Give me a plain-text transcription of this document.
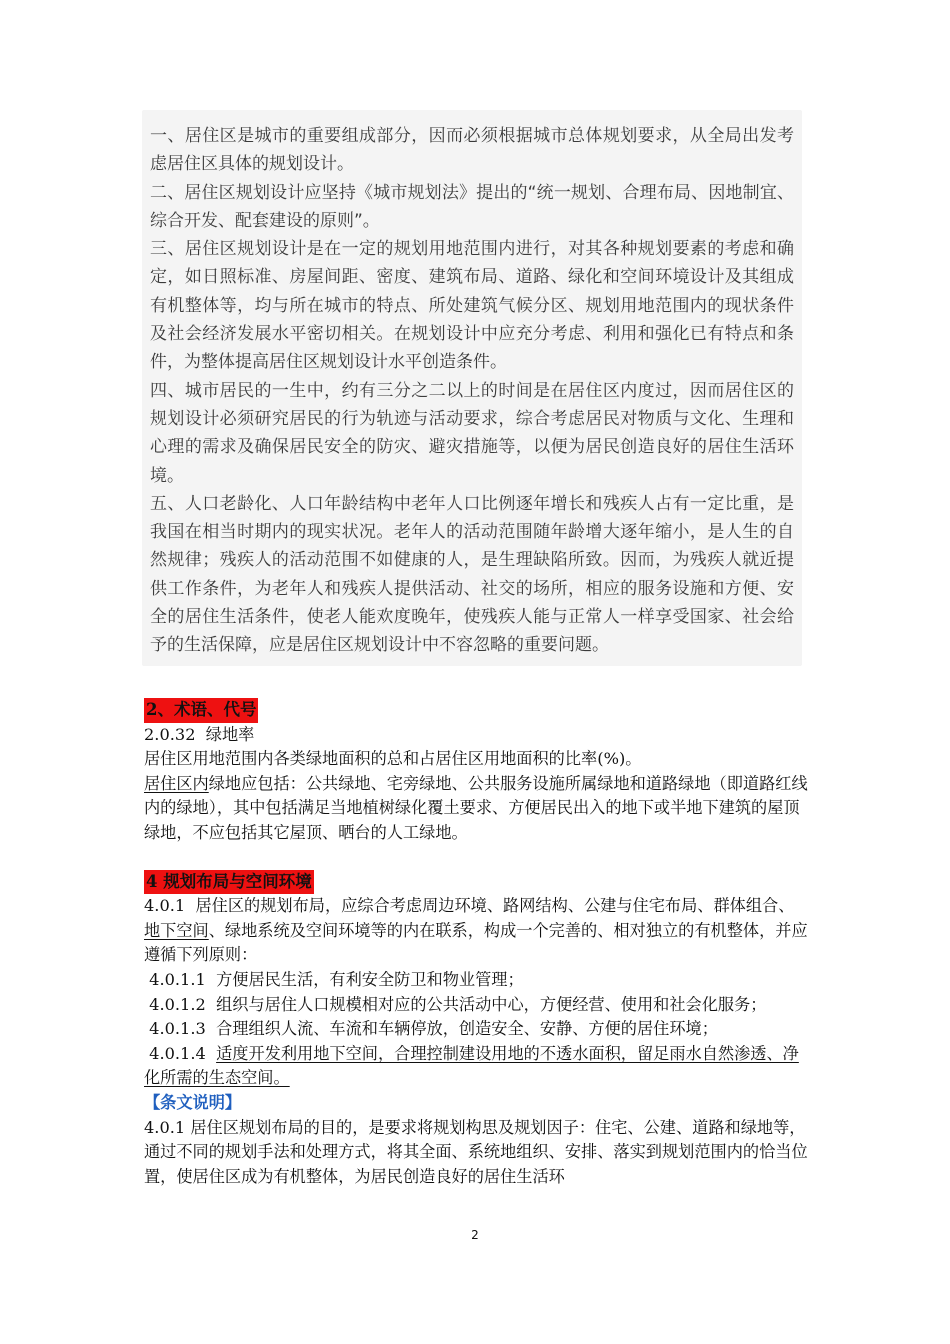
一、居住区是城市的重要组成部分，因而必须根据城市总体规划要求，从全局出发考虑居住区具体的规划设计。

二、居住区规划设计应坚持《城市规划法》提出的“统一规划、合理布局、因地制宜、综合开发、配套建设的原则”。

三、居住区规划设计是在一定的规划用地范围内进行，对其各种规划要素的考虑和确定，如日照标准、房屋间距、密度、建筑布局、道路、绿化和空间环境设计及其组成有机整体等，均与所在城市的特点、所处建筑气候分区、规划用地范围内的现状条件及社会经济发展水平密切相关。在规划设计中应充分考虑、利用和强化已有特点和条件，为整体提高居住区规划设计水平创造条件。

四、城市居民的一生中，约有三分之二以上的时间是在居住区内度过，因而居住区的规划设计必须研究居民的行为轨迹与活动要求，综合考虑居民对物质与文化、生理和心理的需求及确保居民安全的防灾、避灾措施等，以便为居民创造良好的居住生活环境。

五、人口老龄化、人口年龄结构中老年人口比例逐年增长和残疾人占有一定比重，是我国在相当时期内的现实状况。老年人的活动范围随年龄增大逐年缩小，是人生的自然规律；残疾人的活动范围不如健康的人，是生理缺陷所致。因而，为残疾人就近提供工作条件，为老年人和残疾人提供活动、社交的场所，相应的服务设施和方便、安全的居住生活条件，使老人能欢度晚年，使残疾人能与正常人一样享受国家、社会给予的生活保障，应是居住区规划设计中不容忽略的重要问题。

2、术语、代号

2.0.32  绿地率

居住区用地范围内各类绿地面积的总和占居住区用地面积的比率(%)。

居住区内绿地应包括：公共绿地、宅旁绿地、公共服务设施所属绿地和道路绿地（即道路红线内的绿地），其中包括满足当地植树绿化覆土要求、方便居民出入的地下或半地下建筑的屋顶绿地，不应包括其它屋顶、晒台的人工绿地。

4 规划布局与空间环境

4.0.1  居住区的规划布局，应综合考虑周边环境、路网结构、公建与住宅布局、群体组合、地下空间、绿地系统及空间环境等的内在联系，构成一个完善的、相对独立的有机整体，并应遵循下列原则：

4.0.1.1  方便居民生活，有利安全防卫和物业管理；

4.0.1.2  组织与居住人口规模相对应的公共活动中心，方便经营、使用和社会化服务；

4.0.1.3  合理组织人流、车流和车辆停放，创造安全、安静、方便的居住环境；

4.0.1.4  适度开发利用地下空间，合理控制建设用地的不透水面积，留足雨水自然渗透、净化所需的生态空间。

【条文说明】

4.0.1 居住区规划布局的目的，是要求将规划构思及规划因子：住宅、公建、道路和绿地等，通过不同的规划手法和处理方式，将其全面、系统地组织、安排、落实到规划范围内的恰当位置，使居住区成为有机整体，为居民创造良好的居住生活环

2
